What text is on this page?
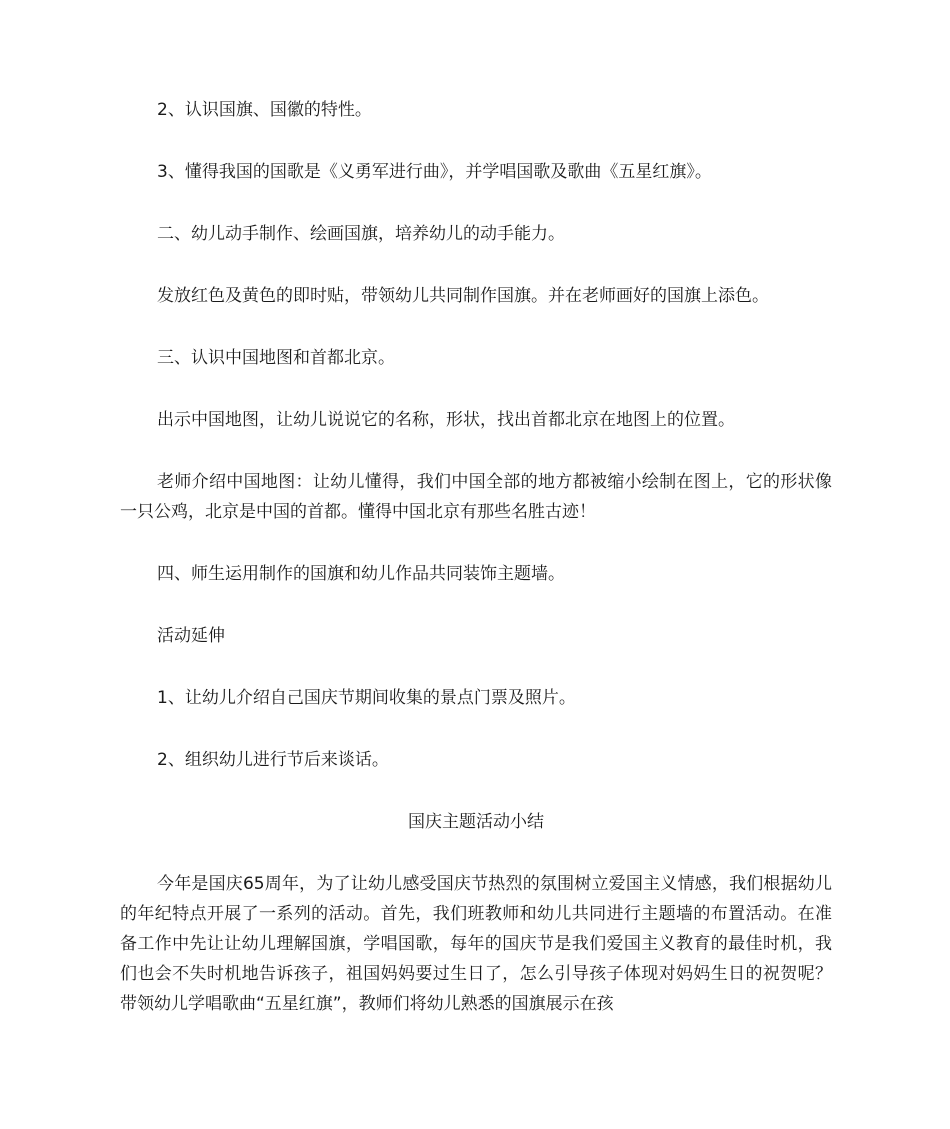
2、认识国旗、国徽的特性。

3、懂得我国的国歌是《义勇军进行曲》，并学唱国歌及歌曲《五星红旗》。

二、幼儿动手制作、绘画国旗，培养幼儿的动手能力。

发放红色及黄色的即时贴，带领幼儿共同制作国旗。并在老师画好的国旗上添色。

三、认识中国地图和首都北京。

出示中国地图，让幼儿说说它的名称，形状，找出首都北京在地图上的位置。

老师介绍中国地图：让幼儿懂得，我们中国全部的地方都被缩小绘制在图上，它的形状像一只公鸡，北京是中国的首都。懂得中国北京有那些名胜古迹！

四、师生运用制作的国旗和幼儿作品共同装饰主题墙。

活动延伸

1、让幼儿介绍自己国庆节期间收集的景点门票及照片。

2、组织幼儿进行节后来谈话。

国庆主题活动小结

今年是国庆65周年，为了让幼儿感受国庆节热烈的氛围树立爱国主义情感，我们根据幼儿的年纪特点开展了一系列的活动。首先，我们班教师和幼儿共同进行主题墙的布置活动。在准备工作中先让让幼儿理解国旗，学唱国歌，每年的国庆节是我们爱国主义教育的最佳时机，我们也会不失时机地告诉孩子，祖国妈妈要过生日了，怎么引导孩子体现对妈妈生日的祝贺呢？带领幼儿学唱歌曲“五星红旗”，教师们将幼儿熟悉的国旗展示在孩
